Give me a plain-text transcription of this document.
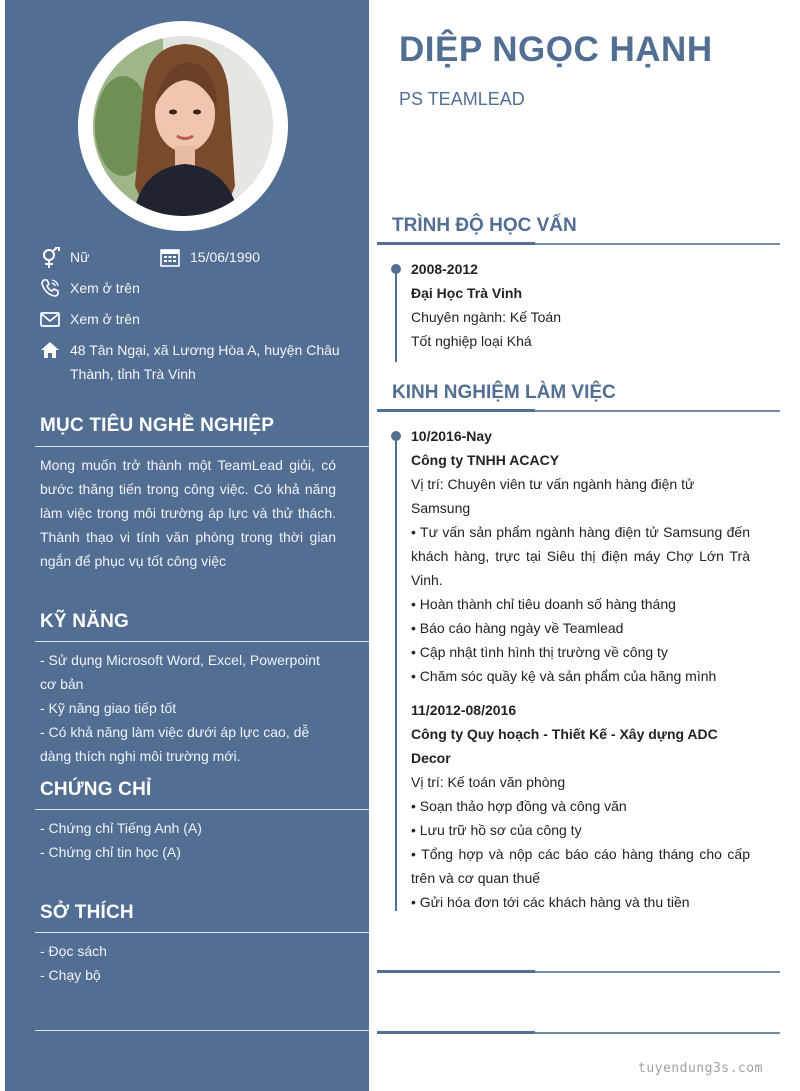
Nữ	15/06/1990
Xem ở trên
Xem ở trên
48 Tân Ngại, xã Lương Hòa A, huyện Châu Thành, tỉnh Trà Vinh
MỤC TIÊU NGHỀ NGHIỆP
Mong muốn trở thành một TeamLead giỏi, có bước thăng tiến trong công việc. Có khả năng làm việc trong môi trường áp lực và thử thách. Thành thạo vi tính văn phòng trong thời gian ngắn để phục vụ tốt công việc
KỸ NĂNG
- Sử dụng Microsoft Word, Excel, Powerpoint cơ bản
- Kỹ năng giao tiếp tốt
- Có khả năng làm việc dưới áp lực cao, dễ dàng thích nghi môi trường mới.
CHỨNG CHỈ
- Chứng chỉ Tiếng Anh (A)
- Chứng chỉ tin học (A)
SỞ THÍCH
- Đọc sách
- Chạy bộ
DIỆP NGỌC HẠNH
PS TEAMLEAD
TRÌNH ĐỘ HỌC VẤN
2008-2012
Đại Học Trà Vinh
Chuyên ngành: Kế Toán
Tốt nghiệp loại Khá
KINH NGHIỆM LÀM VIỆC
10/2016-Nay
Công ty TNHH ACACY
Vị trí: Chuyên viên tư vấn ngành hàng điện tử Samsung
• Tư vấn sản phẩm ngành hàng điện tử Samsung đến khách hàng, trực tại Siêu thị điện máy Chợ Lớn Trà Vinh.
• Hoàn thành chỉ tiêu doanh số hàng tháng
• Báo cáo hàng ngày về Teamlead
• Cập nhật tình hình thị trường về công ty
• Chăm sóc quầy kệ và sản phẩm của hãng mình
11/2012-08/2016
Công ty Quy hoạch - Thiết Kế - Xây dựng ADC Decor
Vị trí: Kế toán văn phòng
• Soạn thảo hợp đồng và công văn
• Lưu trữ hồ sơ của công ty
• Tổng hợp và nộp các báo cáo hàng tháng cho cấp trên và cơ quan thuế
• Gửi hóa đơn tới các khách hàng và thu tiền
tuyendung3s.com
